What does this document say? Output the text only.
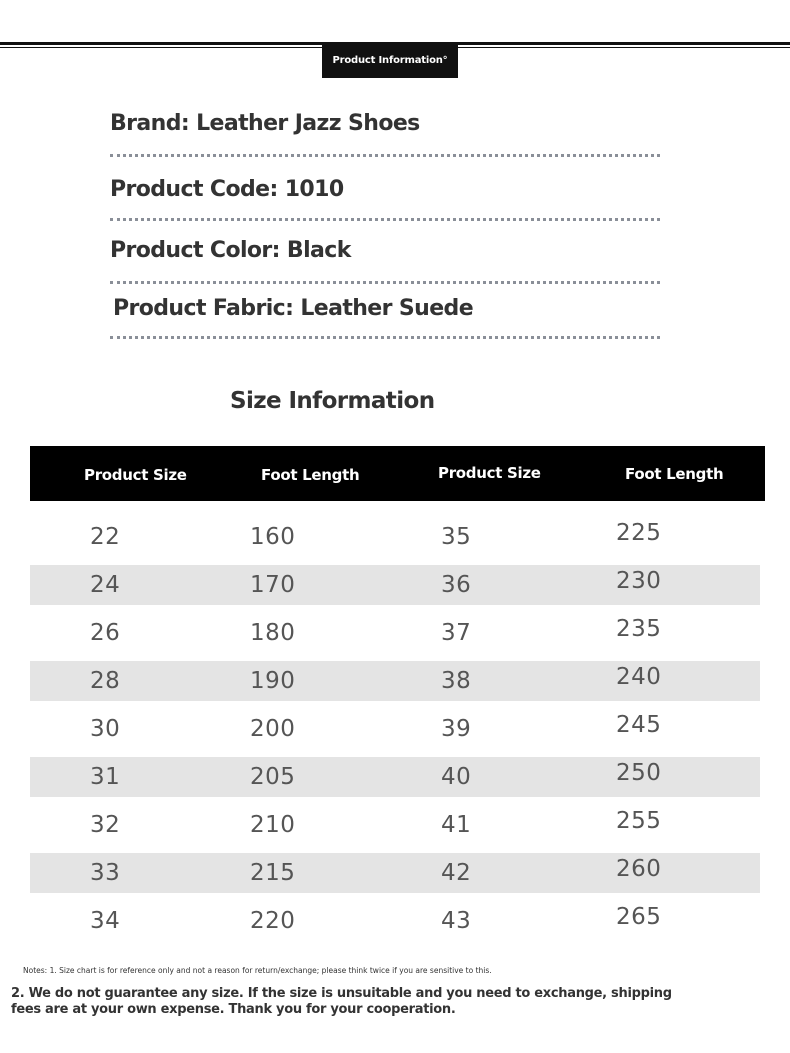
Product Information°
Brand: Leather Jazz Shoes
Product Code: 1010
Product Color: Black
Product Fabric: Leather Suede
Size Information
Product Size	Foot Length	Product Size	Foot Length
Notes: 1. Size chart is for reference only and not a reason for return/exchange; please think twice if you are sensitive to this.
2. We do not guarantee any size. If the size is unsuitable and you need to exchange, shipping fees are at your own expense. Thank you for your cooperation.
22	160	35	225
24	170	36	230
26	180	37	235
28	190	38	240
30	200	39	245
31	205	40	250
32	210	41	255
33	215	42	260
34	220	43	265
